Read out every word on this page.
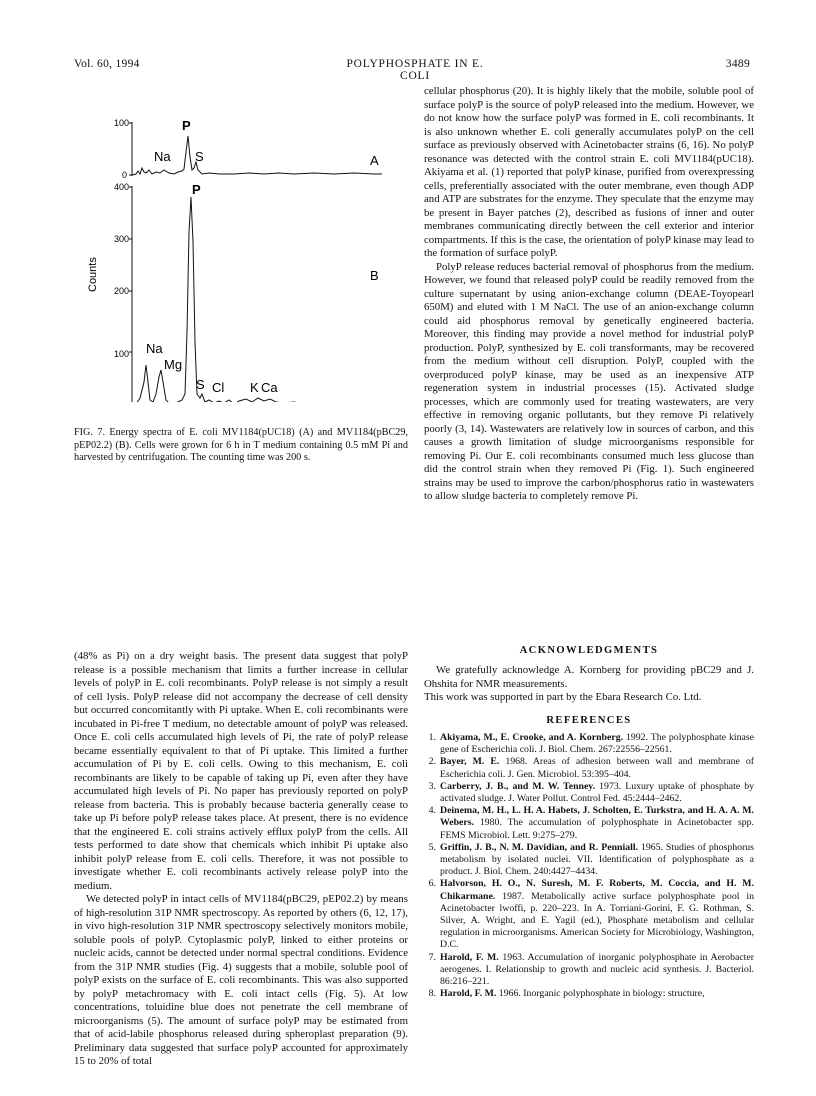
Vol. 60, 1994	POLYPHOSPHATE IN E. COLI
3489
100
0
Na
P
S	A
400
300
200
100
Counts
Na
Mg
P
S Cl K Ca
B
FIG. 7. Energy spectra of E. coli MV1184(pUC18) (A) and MV1184(pBC29, pEP02.2) (B). Cells were grown for 6 h in T medium containing 0.5 mM Pi and harvested by centrifugation. The counting time was 200 s.

(48% as Pi) on a dry weight basis. The present data suggest that polyP release is a possible mechanism that limits a further increase in cellular levels of polyP in E. coli recombinants. PolyP release is not simply a result of cell lysis. PolyP release did not accompany the decrease of cell density but occurred concomitantly with Pi uptake. When E. coli recombinants were incubated in Pi-free T medium, no detectable amount of polyP was released. Once E. coli cells accumulated high levels of Pi, the rate of polyP release became essentially equivalent to that of Pi uptake. This limited a further accumulation of Pi by E. coli cells. Owing to this mechanism, E. coli recombinants are likely to be capable of taking up Pi, even after they have accumulated high levels of Pi. No paper has previously reported on polyP release from bacteria. This is probably because bacteria generally cease to take up Pi before polyP release takes place. At present, there is no evidence that the engineered E. coli strains actively efflux polyP from the cells. All tests performed to date show that chemicals which inhibit Pi uptake also inhibit polyP release from E. coli cells. Therefore, it was not possible to investigate whether E. coli recombinants actively release polyP into the medium.

We detected polyP in intact cells of MV1184(pBC29, pEP02.2) by means of high-resolution 31P NMR spectroscopy. As reported by others (6, 12, 17), in vivo high-resolution 31P NMR spectroscopy selectively monitors mobile, soluble pools of polyP. Cytoplasmic polyP, linked to either proteins or nucleic acids, cannot be detected under normal spectral conditions. Evidence from the 31P NMR studies (Fig. 4) suggests that a mobile, soluble pool of polyP exists on the surface of E. coli recombinants. This was also supported by polyP metachromacy with E. coli intact cells (Fig. 5). At low concentrations, toluidine blue does not penetrate the cell membrane of microorganisms (5). The amount of surface polyP may be estimated from that of acid-labile phosphorus released during spheroplast preparation (9). Preliminary data suggested that surface polyP accounted for approximately 15 to 20% of total

cellular phosphorus (20). It is highly likely that the mobile, soluble pool of surface polyP is the source of polyP released into the medium. However, we do not know how the surface polyP was formed in E. coli recombinants. It is also unknown whether E. coli generally accumulates polyP on the cell surface as previously observed with Acinetobacter strains (6, 16). No polyP resonance was detected with the control strain E. coli MV1184(pUC18). Akiyama et al. (1) reported that polyP kinase, purified from overexpressing cells, preferentially associated with the outer membrane, even though ADP and ATP are substrates for the enzyme. They speculate that the enzyme may be present in Bayer patches (2), described as fusions of inner and outer membranes communicating directly between the cell exterior and interior compartments. If this is the case, the orientation of polyP kinase may lead to the formation of surface polyP.

PolyP release reduces bacterial removal of phosphorus from the medium. However, we found that released polyP could be readily removed from the culture supernatant by using anion-exchange column (DEAE-Toyopearl 650M) and eluted with 1 M NaCl. The use of an anion-exchange column could aid phosphorus removal by genetically engineered bacteria. Moreover, this finding may provide a novel method for industrial polyP production. PolyP, synthesized by E. coli transformants, may be recovered from the medium without cell disruption. PolyP, coupled with the overproduced polyP kinase, may be used as an inexpensive ATP regeneration system in industrial processes (15). Activated sludge processes, which are commonly used for treating wastewaters, are very effective in removing organic pollutants, but they remove Pi relatively poorly (3, 14). Wastewaters are relatively low in sources of carbon, and this causes a growth limitation of sludge microorganisms responsible for removing Pi. Our E. coli recombinants consumed much less glucose than did the control strain when they removed Pi (Fig. 1). Such engineered strains may be used to improve the carbon/phosphorus ratio in wastewaters to allow sludge bacteria to completely remove Pi.

ACKNOWLEDGMENTS

We gratefully acknowledge A. Kornberg for providing pBC29 and J. Ohshita for NMR measurements.

This work was supported in part by the Ebara Research Co. Ltd.

REFERENCES
1. Akiyama, M., E. Crooke, and A. Kornberg. 1992. The polyphosphate kinase gene of Escherichia coli. J. Biol. Chem. 267:22556–22561.
2. Bayer, M. E. 1968. Areas of adhesion between wall and membrane of Escherichia coli. J. Gen. Microbiol. 53:395–404.
3. Carberry, J. B., and M. W. Tenney. 1973. Luxury uptake of phosphate by activated sludge. J. Water Pollut. Control Fed. 45:2444–2462.
4. Deinema, M. H., L. H. A. Habets, J. Scholten, E. Turkstra, and H. A. A. M. Webers. 1980. The accumulation of polyphosphate in Acinetobacter spp. FEMS Microbiol. Lett. 9:275–279.
5. Griffin, J. B., N. M. Davidian, and R. Penniall. 1965. Studies of phosphorus metabolism by isolated nuclei. VII. Identification of polyphosphate as a product. J. Biol. Chem. 240:4427–4434.
6. Halvorson, H. O., N. Suresh, M. F. Roberts, M. Coccia, and H. M. Chikarmane. 1987. Metabolically active surface polyphosphate pool in Acinetobacter lwoffi, p. 220–223. In A. Torriani-Gorini, F. G. Rothman, S. Silver, A. Wright, and E. Yagil (ed.), Phosphate metabolism and cellular regulation in microorganisms. American Society for Microbiology, Washington, D.C.
7. Harold, F. M. 1963. Accumulation of inorganic polyphosphate in Aerobacter aerogenes. I. Relationship to growth and nucleic acid synthesis. J. Bacteriol. 86:216–221.
8. Harold, F. M. 1966. Inorganic polyphosphate in biology: structure,
